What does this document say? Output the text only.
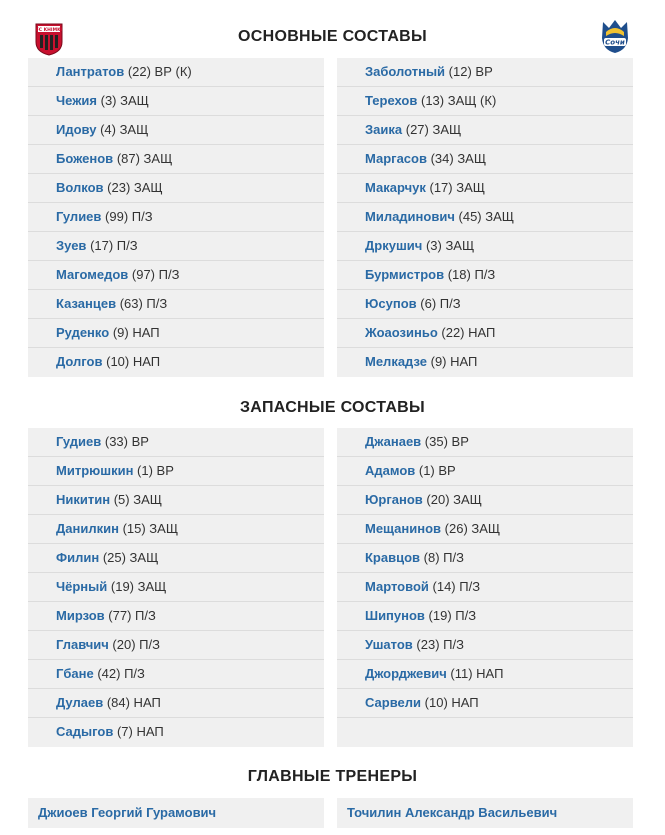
FC KHIMKI
Сочи
ОСНОВНЫЕ СОСТАВЫ
ЗАПАСНЫЕ СОСТАВЫ
ГЛАВНЫЕ ТРЕНЕРЫ
Лантратов (22) ВР (К)
Чежия (3) ЗАЩ
Идову (4) ЗАЩ
Боженов (87) ЗАЩ
Волков (23) ЗАЩ
Гулиев (99) П/З
Зуев (17) П/З
Магомедов (97) П/З
Казанцев (63) П/З
Руденко (9) НАП
Долгов (10) НАП
Заболотный (12) ВР
Терехов (13) ЗАЩ (К)
Заика (27) ЗАЩ
Маргасов (34) ЗАЩ
Макарчук (17) ЗАЩ
Миладинович (45) ЗАЩ
Дркушич (3) ЗАЩ
Бурмистров (18) П/З
Юсупов (6) П/З
Жоаозиньо (22) НАП
Мелкадзе (9) НАП
Гудиев (33) ВР
Митрюшкин (1) ВР
Никитин (5) ЗАЩ
Данилкин (15) ЗАЩ
Филин (25) ЗАЩ
Чёрный (19) ЗАЩ
Мирзов (77) П/З
Главчич (20) П/З
Гбане (42) П/З
Дулаев (84) НАП
Садыгов (7) НАП
Джанаев (35) ВР
Адамов (1) ВР
Юрганов (20) ЗАЩ
Мещанинов (26) ЗАЩ
Кравцов (8) П/З
Мартовой (14) П/З
Шипунов (19) П/З
Ушатов (23) П/З
Джорджевич (11) НАП
Сарвели (10) НАП
Джиоев Георгий Гурамович	Точилин Александр Васильевич
